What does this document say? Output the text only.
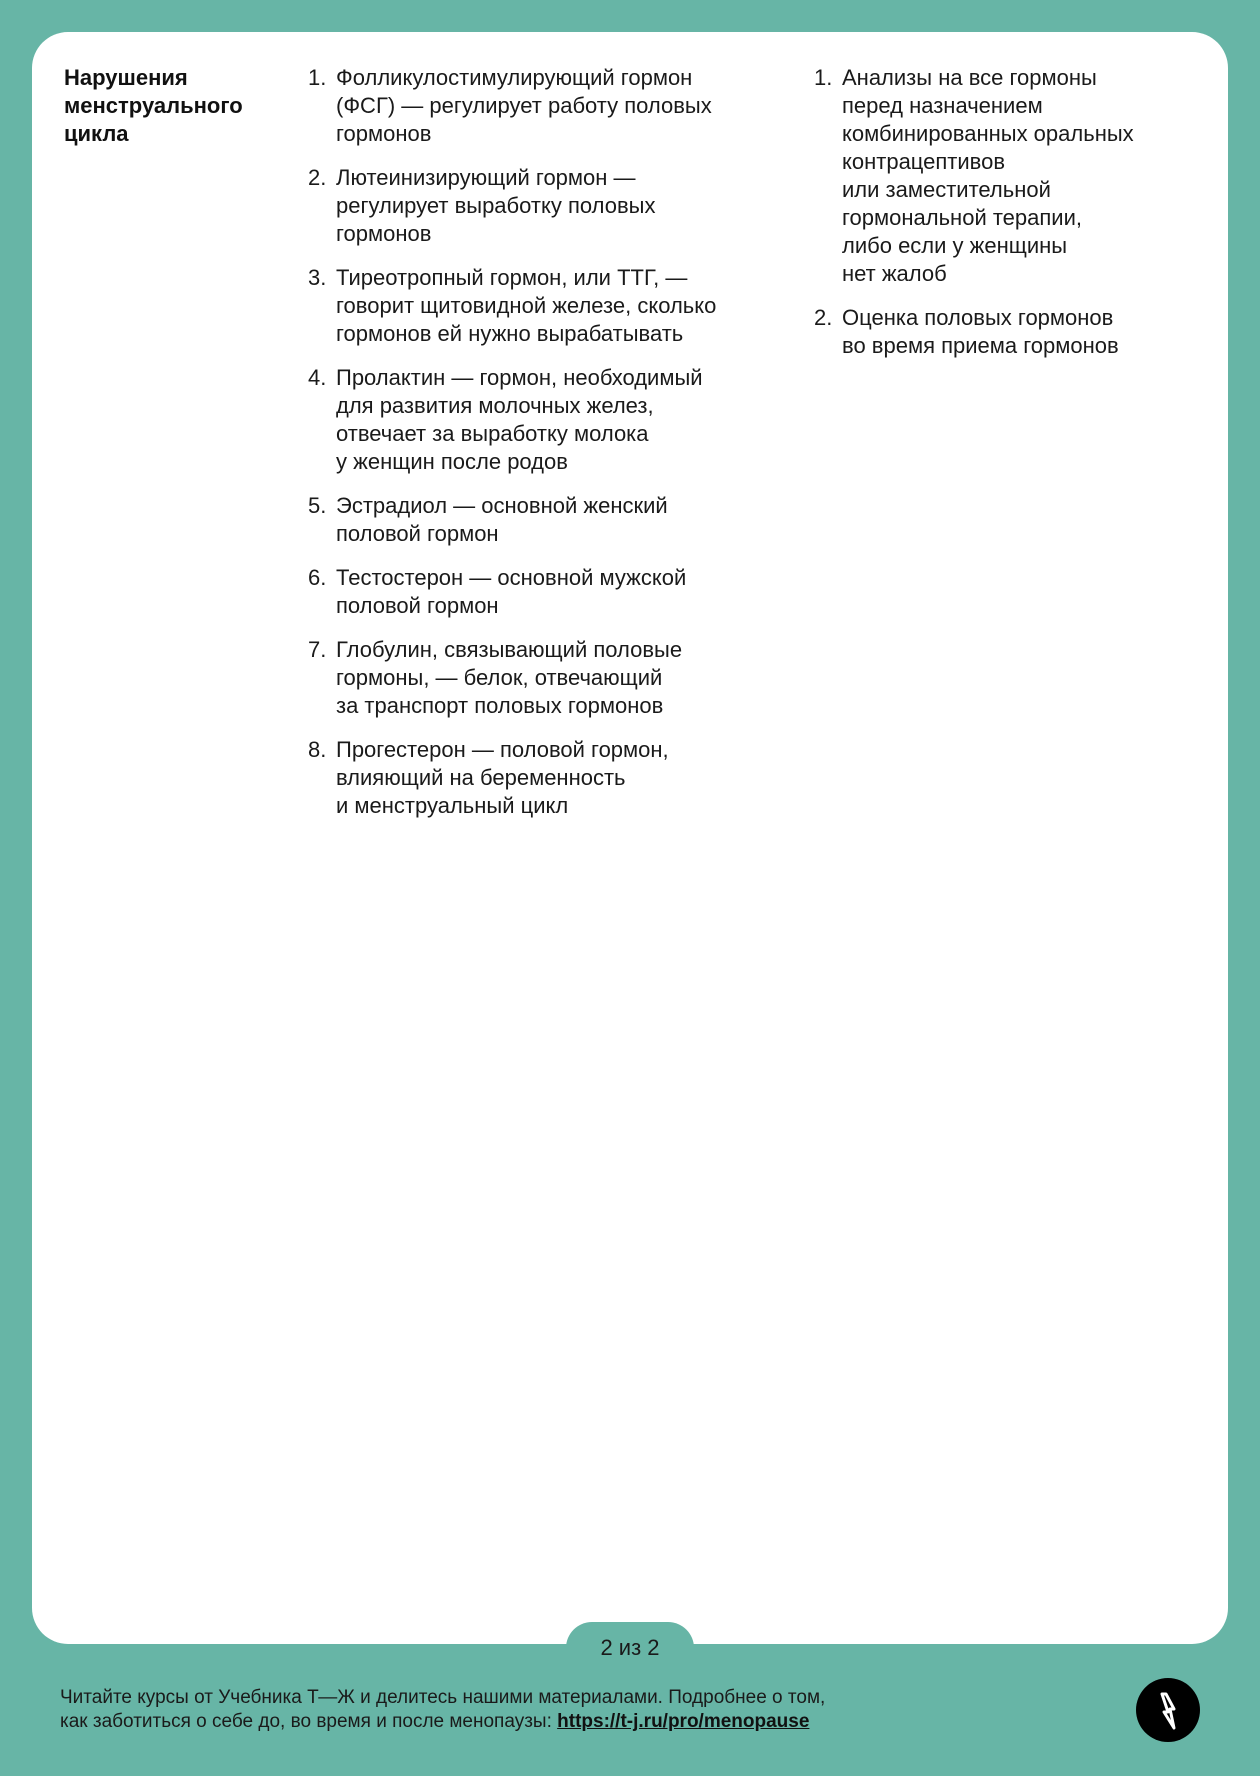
Нарушения
менструального
цикла
1. Фолликулостимулирующий гормон
(ФСГ) — регулирует работу половых
гормонов
2. Лютеинизирующий гормон —
регулирует выработку половых
гормонов
3. Тиреотропный гормон, или ТТГ, —
говорит щитовидной железе, сколько
гормонов ей нужно вырабатывать
4. Пролактин — гормон, необходимый
для развития молочных желез,
отвечает за выработку молока
у женщин после родов
5. Эстрадиол — основной женский
половой гормон
6. Тестостерон — основной мужской
половой гормон
7. Глобулин, связывающий половые
гормоны, — белок, отвечающий
за транспорт половых гормонов
8. Прогестерон — половой гормон,
влияющий на беременность
и менструальный цикл
1. Анализы на все гормоны
перед назначением
комбинированных оральных
контрацептивов
или заместительной
гормональной терапии,
либо если у женщины
нет жалоб
2. Оценка половых гормонов
во время приема гормонов
2 из 2
Читайте курсы от Учебника Т—Ж и делитесь нашими материалами. Подробнее о том,
как заботиться о себе до, во время и после менопаузы: https://t-j.ru/pro/menopause
